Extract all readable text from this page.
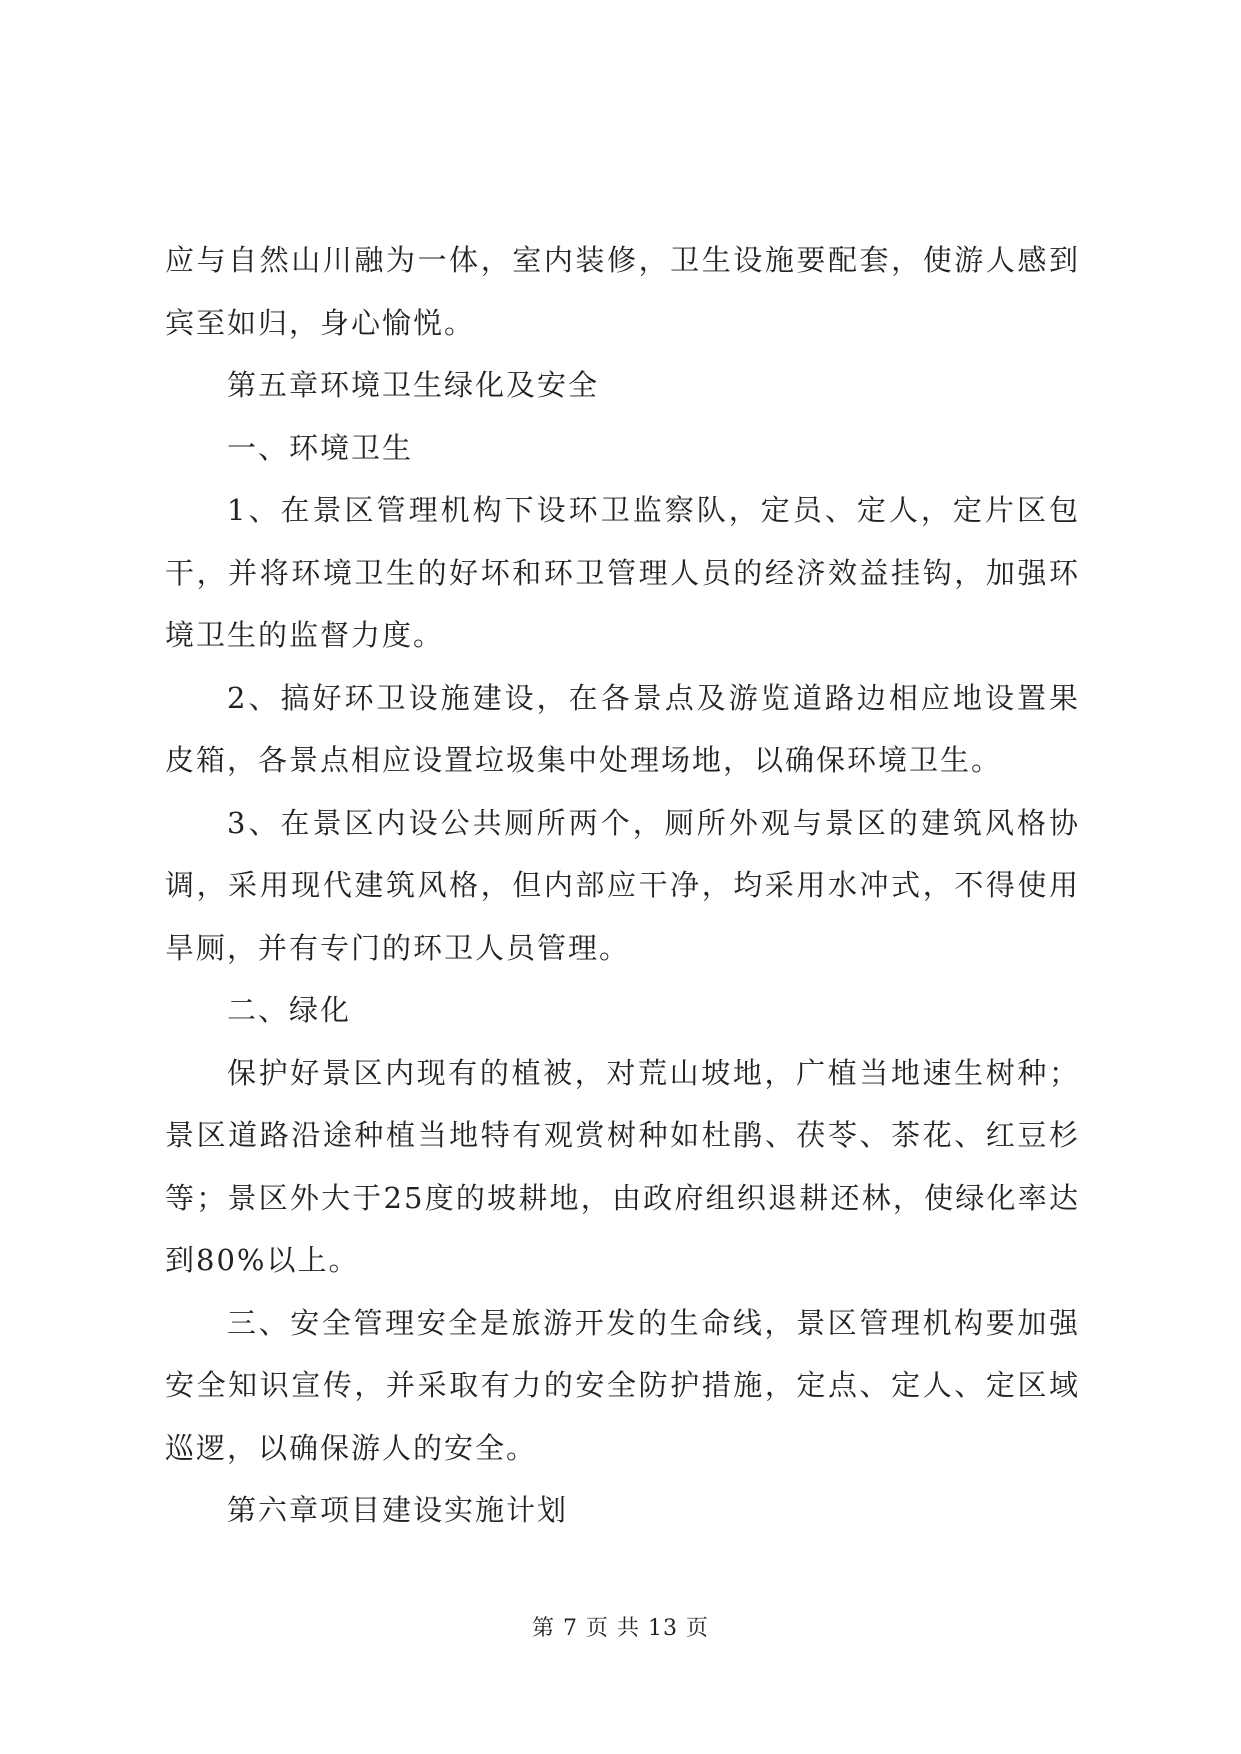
应与自然山川融为一体，室内装修，卫生设施要配套，使游人感到宾至如归，身心愉悦。

第五章环境卫生绿化及安全

一、环境卫生

1、在景区管理机构下设环卫监察队，定员、定人，定片区包干，并将环境卫生的好坏和环卫管理人员的经济效益挂钩，加强环境卫生的监督力度。

2、搞好环卫设施建设，在各景点及游览道路边相应地设置果皮箱，各景点相应设置垃圾集中处理场地，以确保环境卫生。

3、在景区内设公共厕所两个，厕所外观与景区的建筑风格协调，采用现代建筑风格，但内部应干净，均采用水冲式，不得使用旱厕，并有专门的环卫人员管理。

二、绿化

保护好景区内现有的植被，对荒山坡地，广植当地速生树种；景区道路沿途种植当地特有观赏树种如杜鹃、茯苓、茶花、红豆杉等；景区外大于25度的坡耕地，由政府组织退耕还林，使绿化率达到80%以上。

三、安全管理安全是旅游开发的生命线，景区管理机构要加强安全知识宣传，并采取有力的安全防护措施，定点、定人、定区域巡逻，以确保游人的安全。

第六章项目建设实施计划

第 7 页 共 13 页
